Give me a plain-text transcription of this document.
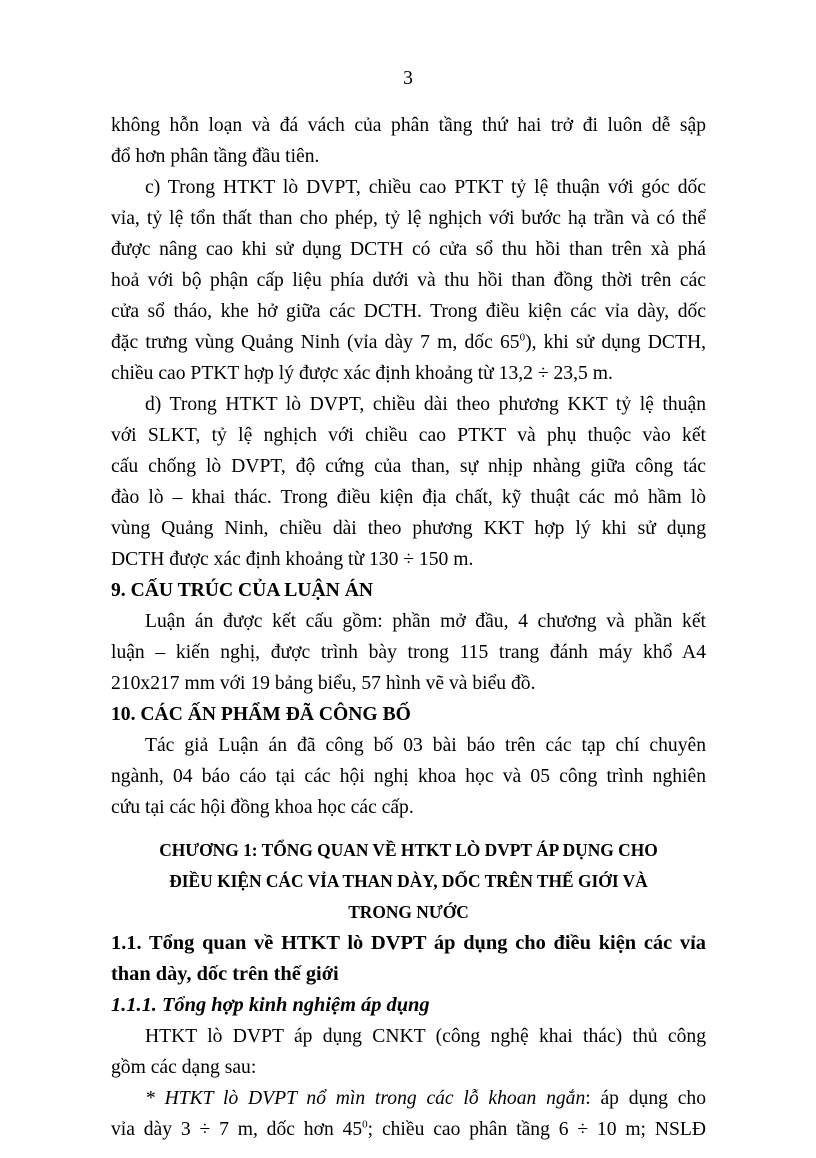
3
không hỗn loạn và đá vách của phân tầng thứ hai trở đi luôn dễ sập
đổ hơn phân tầng đầu tiên.
c) Trong HTKT lò DVPT, chiều cao PTKT tỷ lệ thuận với góc dốc
vỉa, tỷ lệ tổn thất than cho phép, tỷ lệ nghịch với bước hạ trần và có thể
được nâng cao khi sử dụng DCTH có cửa sổ thu hồi than trên xà phá
hoả với bộ phận cấp liệu phía dưới và thu hồi than đồng thời trên các
cửa sổ tháo, khe hở giữa các DCTH. Trong điều kiện các vỉa dày, dốc
đặc trưng vùng Quảng Ninh (vỉa dày 7 m, dốc $65^0$), khi sử dụng DCTH,
chiều cao PTKT hợp lý được xác định khoảng từ 13,2 ÷ 23,5 m.
d) Trong HTKT lò DVPT, chiều dài theo phương KKT tỷ lệ thuận
với SLKT, tỷ lệ nghịch với chiều cao PTKT và phụ thuộc vào kết
cấu chống lò DVPT, độ cứng của than, sự nhịp nhàng giữa công tác
đào lò – khai thác. Trong điều kiện địa chất, kỹ thuật các mỏ hầm lò
vùng Quảng Ninh, chiều dài theo phương KKT hợp lý khi sử dụng
DCTH được xác định khoảng từ 130 ÷ 150 m.
9. CẤU TRÚC CỦA LUẬN ÁN
Luận án được kết cấu gồm: phần mở đầu, 4 chương và phần kết
luận – kiến nghị, được trình bày trong 115 trang đánh máy khổ A4
210x217 mm với 19 bảng biểu, 57 hình vẽ và biểu đồ.
10. CÁC ẤN PHẨM ĐÃ CÔNG BỐ
Tác giả Luận án đã công bố 03 bài báo trên các tạp chí chuyên
ngành, 04 báo cáo tại các hội nghị khoa học và 05 công trình nghiên
cứu tại các hội đồng khoa học các cấp.
CHƯƠNG 1: TỔNG QUAN VỀ HTKT LÒ DVPT ÁP DỤNG CHO
ĐIỀU KIỆN CÁC VỈA THAN DÀY, DỐC TRÊN THẾ GIỚI VÀ
TRONG NƯỚC
1.1. Tổng quan về HTKT lò DVPT áp dụng cho điều kiện các vỉa
than dày, dốc trên thế giới
1.1.1. Tổng hợp kinh nghiệm áp dụng
HTKT lò DVPT áp dụng CNKT (công nghệ khai thác) thủ công
gồm các dạng sau:
* HTKT lò DVPT nổ mìn trong các lỗ khoan ngắn: áp dụng cho
vỉa dày 3 ÷ 7 m, dốc hơn $45^0$; chiều cao phân tầng 6 ÷ 10 m; NSLĐ
